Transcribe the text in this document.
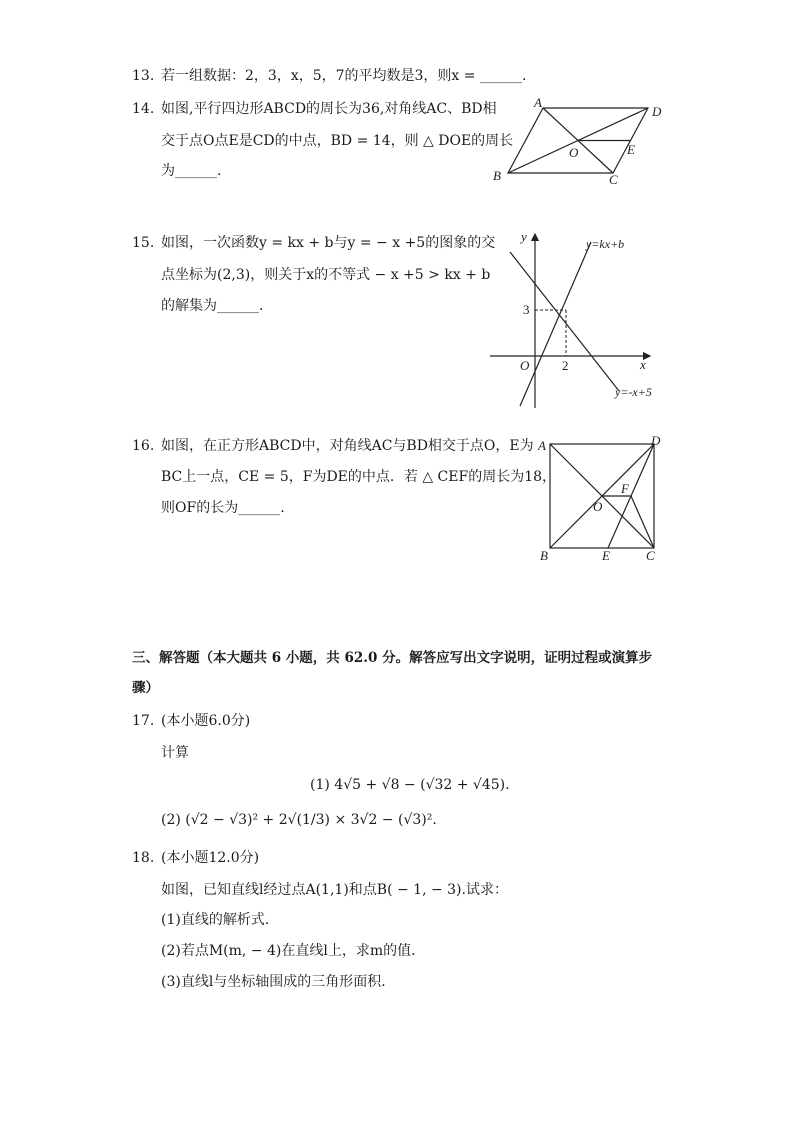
13. 若一组数据：2，3，x，5，7的平均数是3，则x = ______.
14. 如图,平行四边形ABCD的周长为36,对角线AC、BD相
交于点O点E是CD的中点，BD = 14，则 △ DOE的周长
为______.
A
D
B	C
O	E
15. 如图，一次函数y = kx + b与y = − x +5的图象的交
点坐标为(2,3)，则关于x的不等式 − x +5 > kx + b
的解集为______.
y
x
O	2
3
y=kx+b
y=-x+5
16. 如图，在正方形ABCD中，对角线AC与BD相交于点O，E为
BC上一点，CE = 5，F为DE的中点．若 △ CEF的周长为18，
则OF的长为______.
A	D
B	C
E
O
F
三、解答题（本大题共 6 小题，共 62.0 分。解答应写出文字说明，证明过程或演算步
骤）
17. (本小题6.0分)
计算
(1) 4√5 + √8 − (√32 + √45).
(2) (√2 − √3)² + 2√(1/3) × 3√2 − (√3)².
18. (本小题12.0分)
如图，已知直线l经过点A(1,1)和点B( − 1, − 3).试求：
(1)直线的解析式．
(2)若点M(m, − 4)在直线l上，求m的值．
(3)直线l与坐标轴围成的三角形面积．
